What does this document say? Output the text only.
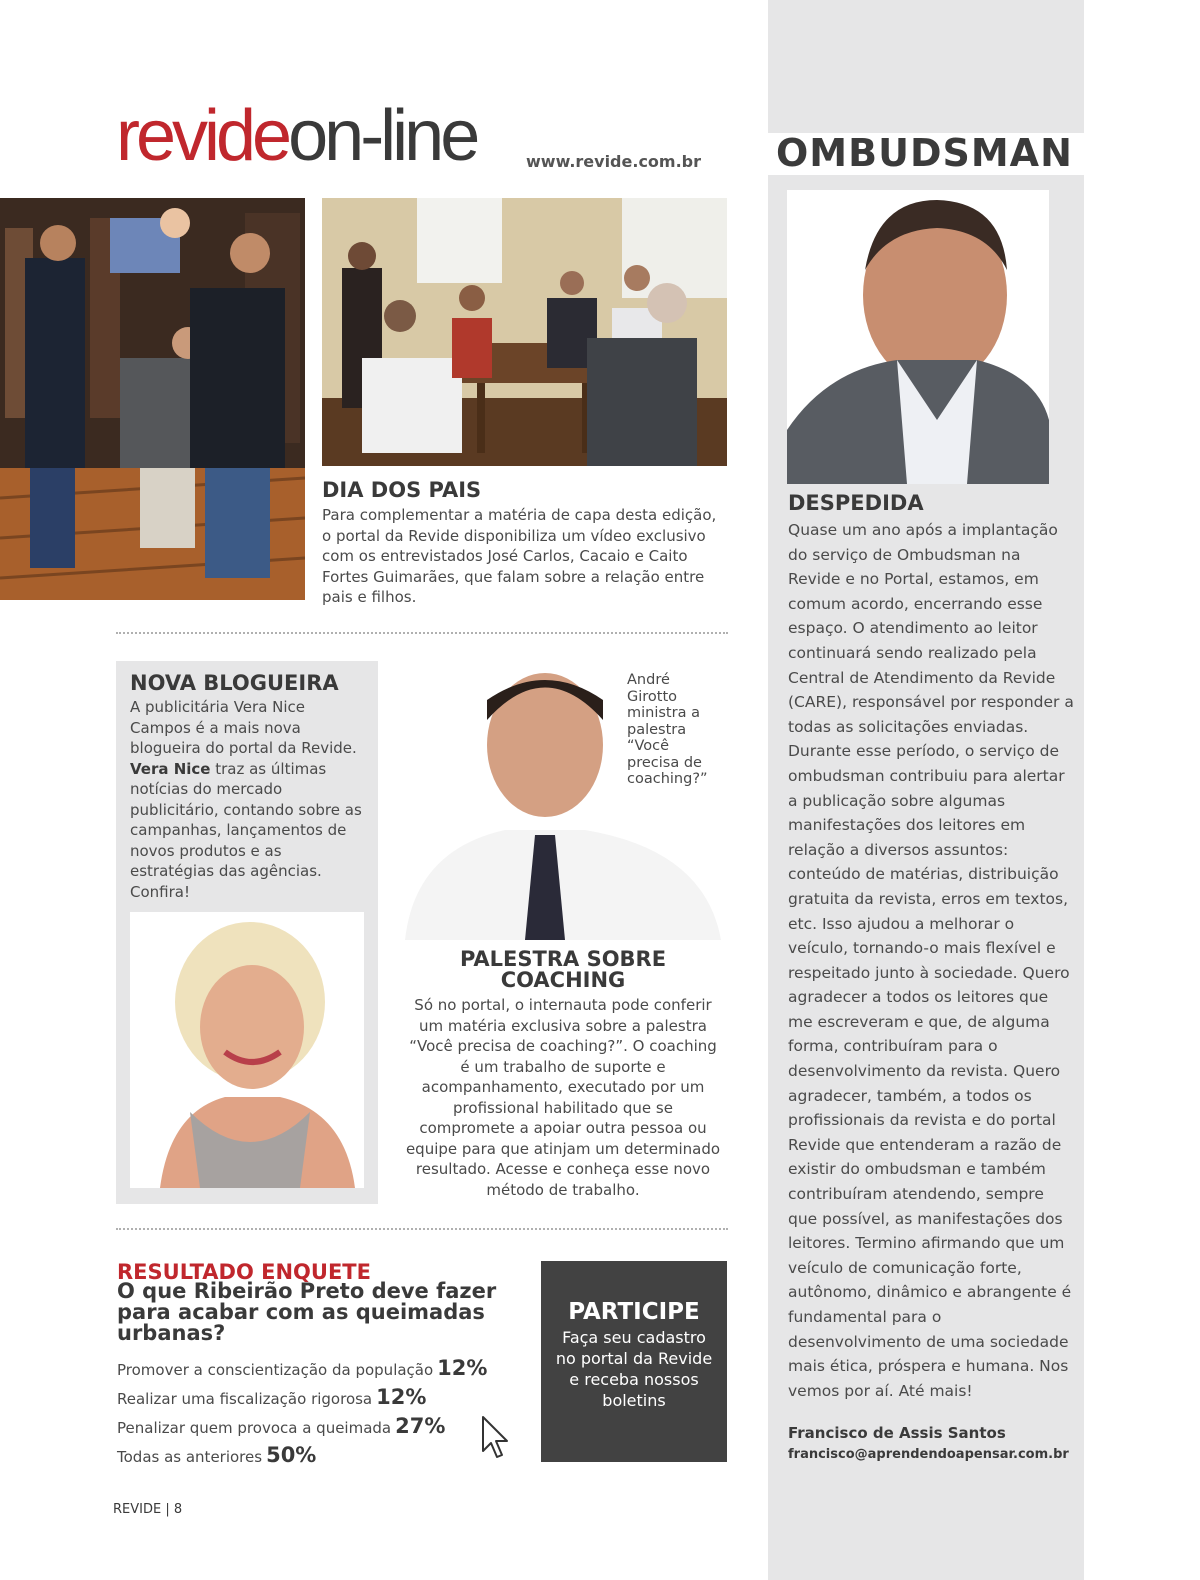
OMBUDSMAN
revideon-line	www.revide.com.br
DIA DOS PAIS
Para complementar a matéria de capa desta edição, o portal da Revide disponibiliza um vídeo exclusivo com os entrevistados José Carlos, Cacaio e Caito Fortes Guimarães, que falam sobre a relação entre pais e filhos.
NOVA BLOGUEIRA
A publicitária Vera Nice Campos é a mais nova blogueira do portal da Revide. Vera Nice traz as últimas notícias do mercado publicitário, contando sobre as campanhas, lançamentos de novos produtos e as estratégias das agências. Confira!
André Girotto ministra a palestra “Você precisa de coaching?”
PALESTRA SOBRE
COACHING
Só no portal, o internauta pode conferir um matéria exclusiva sobre a palestra “Você precisa de coaching?”. O coaching é um trabalho de suporte e acompanhamento, executado por um profissional habilitado que se compromete a apoiar outra pessoa ou equipe para que atinjam um determinado resultado. Acesse e conheça esse novo método de trabalho.
RESULTADO ENQUETE
O que Ribeirão Preto deve fazer para acabar com as queimadas urbanas?
Promover a conscientização da população 12%
Realizar uma fiscalização rigorosa 12%
Penalizar quem provoca a queimada 27%
Todas as anteriores 50%
PARTICIPE
Faça seu cadastro no portal da Revide e receba nossos boletins
DESPEDIDA
Quase um ano após a implantação do serviço de Ombudsman na Revide e no Portal, estamos, em comum acordo, encerrando esse espaço. O atendimento ao leitor continuará sendo realizado pela Central de Atendimento da Revide (CARE), responsável por responder a todas as solicitações enviadas. Durante esse período, o serviço de ombudsman contribuiu para alertar a publicação sobre algumas manifestações dos leitores em relação a diversos assuntos: conteúdo de matérias, distribuição gratuita da revista, erros em textos, etc. Isso ajudou a melhorar o veículo, tornando-o mais flexível e respeitado junto à sociedade. Quero agradecer a todos os leitores que me escreveram e que, de alguma forma, contribuíram para o desenvolvimento da revista. Quero agradecer, também, a todos os profissionais da revista e do portal Revide que entenderam a razão de existir do ombudsman e também contribuíram atendendo, sempre que possível, as manifestações dos leitores. Termino afirmando que um veículo de comunicação forte, autônomo, dinâmico e abrangente é fundamental para o desenvolvimento de uma sociedade mais ética, próspera e humana. Nos vemos por aí. Até mais!
Francisco de Assis Santos
francisco@aprendendoapensar.com.br
REVIDE | 8
